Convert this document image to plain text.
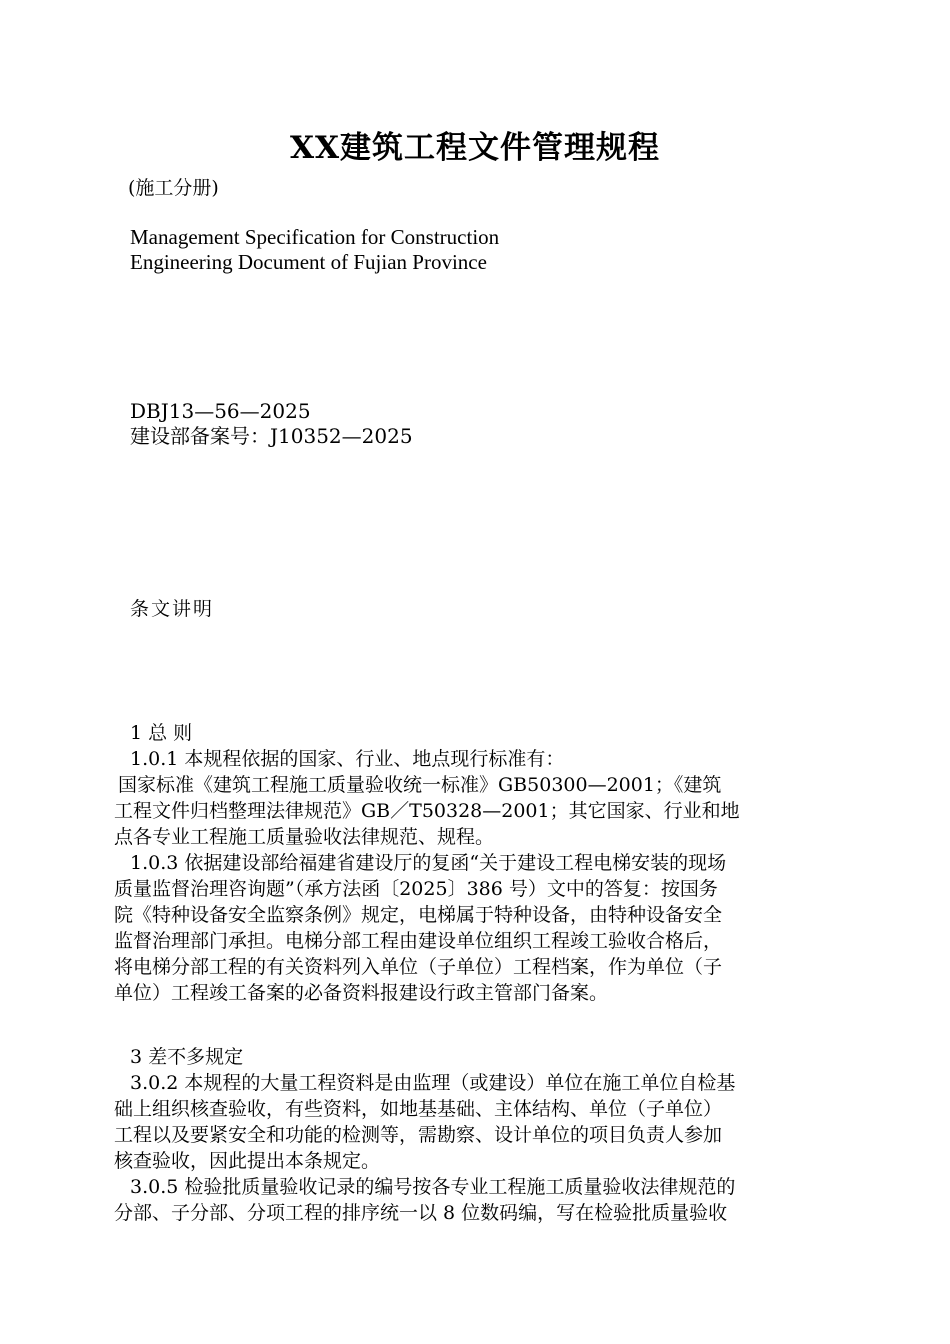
XX建筑工程文件管理规程

(施工分册)

Management Specification for Construction
Engineering Document of Fujian Province
DBJ13—56—2025
建设部备案号：J10352—2025

条文讲明

1 总 则
1.0.1 本规程依据的国家、行业、地点现行标准有：
国家标准《建筑工程施工质量验收统一标准》GB50300—2001；《建筑
工程文件归档整理法律规范》GB／T50328—2001；其它国家、行业和地
点各专业工程施工质量验收法律规范、规程。
1.0.3 依据建设部给福建省建设厅的复函“关于建设工程电梯安装的现场
质量监督治理咨询题”（承方法函〔2025〕386 号）文中的答复：按国务
院《特种设备安全监察条例》规定，电梯属于特种设备，由特种设备安全
监督治理部门承担。电梯分部工程由建设单位组织工程竣工验收合格后，
将电梯分部工程的有关资料列入单位（子单位）工程档案，作为单位（子
单位）工程竣工备案的必备资料报建设行政主管部门备案。
3 差不多规定
3.0.2 本规程的大量工程资料是由监理（或建设）单位在施工单位自检基
础上组织核查验收，有些资料，如地基基础、主体结构、单位（子单位）
工程以及要紧安全和功能的检测等，需勘察、设计单位的项目负责人参加
核查验收，因此提出本条规定。
3.0.5 检验批质量验收记录的编号按各专业工程施工质量验收法律规范的
分部、子分部、分项工程的排序统一以 8 位数码编，写在检验批质量验收
